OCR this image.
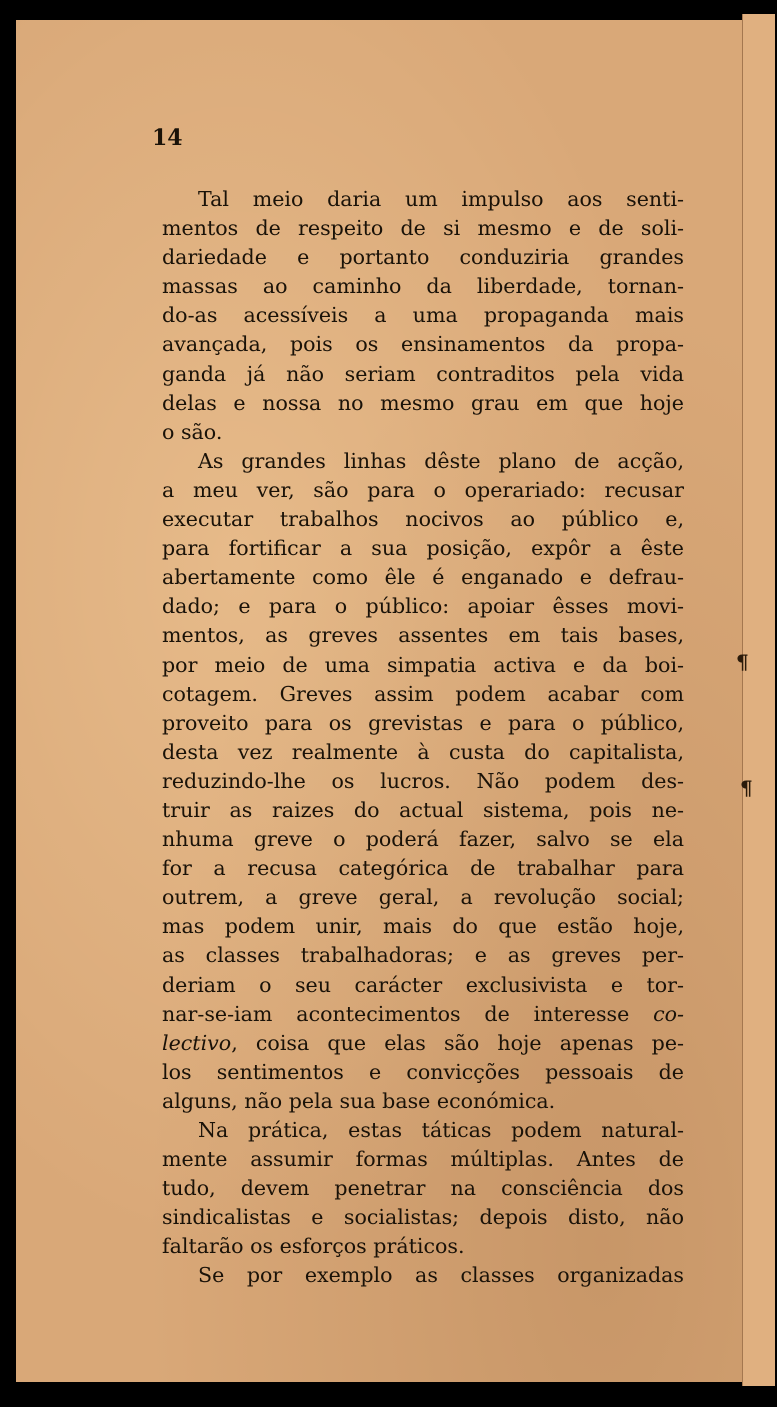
14
Tal meio daria um impulso aos senti-
mentos de respeito de si mesmo e de soli-
dariedade e portanto conduziria grandes
massas ao caminho da liberdade, tornan-
do-as acessíveis a uma propaganda mais
avançada, pois os ensinamentos da propa-
ganda já não seriam contraditos pela vida
delas e nossa no mesmo grau em que hoje
o são.
As grandes linhas dêste plano de acção,
a meu ver, são para o operariado: recusar
executar trabalhos nocivos ao público e,
para fortificar a sua posição, expôr a êste
abertamente como êle é enganado e defrau-
dado; e para o público: apoiar êsses movi-
mentos, as greves assentes em tais bases,
por meio de uma simpatia activa e da boi-
cotagem. Greves assim podem acabar com
proveito para os grevistas e para o público,
desta vez realmente à custa do capitalista,
reduzindo-lhe os lucros. Não podem des-
truir as raizes do actual sistema, pois ne-
nhuma greve o poderá fazer, salvo se ela
for a recusa categórica de trabalhar para
outrem, a greve geral, a revolução social;
mas podem unir, mais do que estão hoje,
as classes trabalhadoras; e as greves per-
deriam o seu carácter exclusivista e tor-
nar-se-iam acontecimentos de interesse co-
lectivo, coisa que elas são hoje apenas pe-
los sentimentos e convicções pessoais de
alguns, não pela sua base económica.
Na prática, estas táticas podem natural-
mente assumir formas múltiplas. Antes de
tudo, devem penetrar na consciência dos
sindicalistas e socialistas; depois disto, não
faltarão os esforços práticos.
Se por exemplo as classes organizadas
¶
¶
